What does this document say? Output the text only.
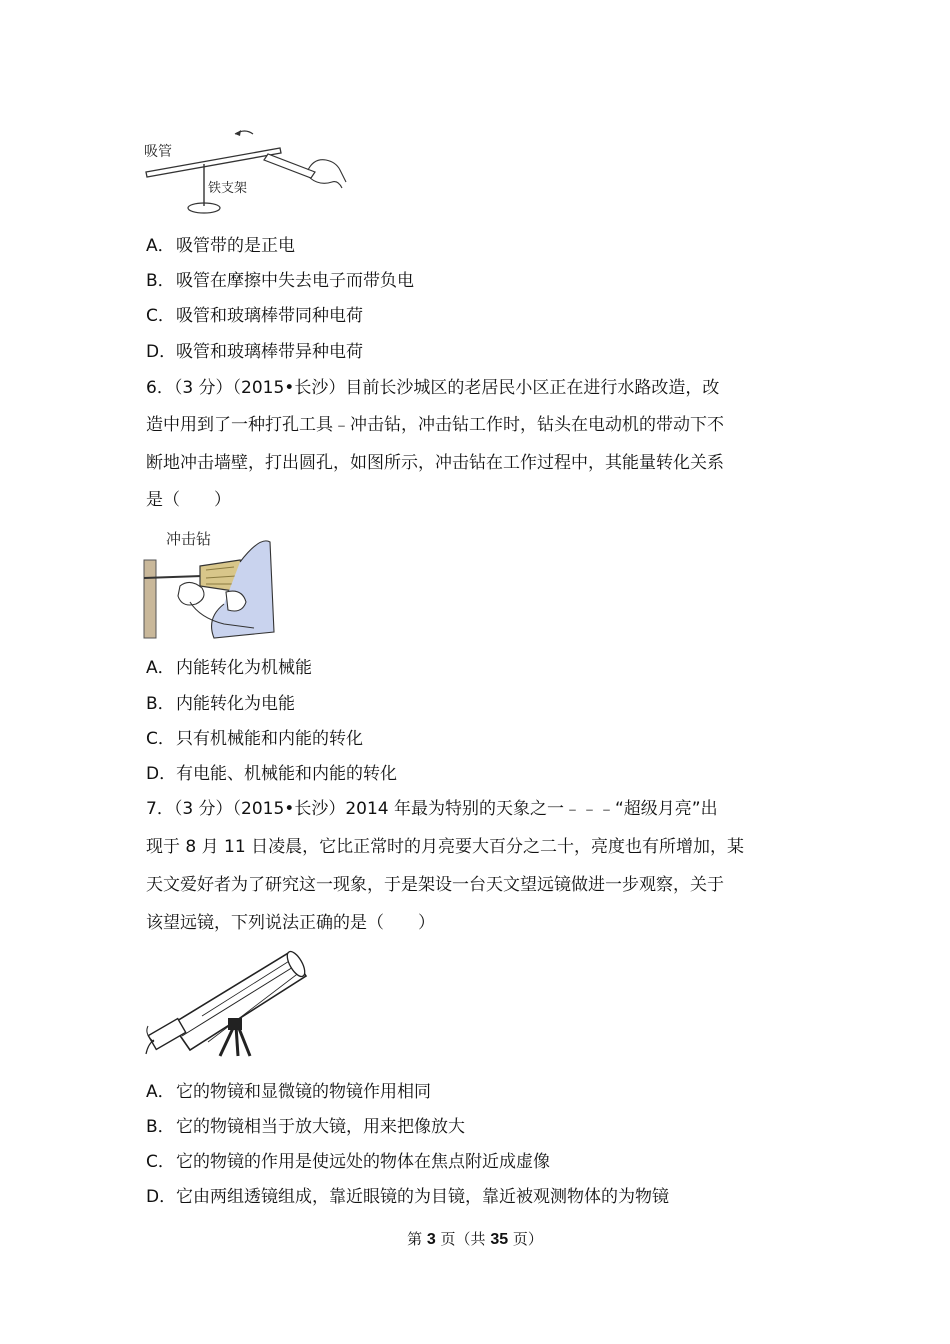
吸管
铁支架
A．吸管带的是正电
B．吸管在摩擦中失去电子而带负电
C．吸管和玻璃棒带同种电荷
D．吸管和玻璃棒带异种电荷
6．（3 分）（2015•长沙）目前长沙城区的老居民小区正在进行水路改造，改
造中用到了一种打孔工具﹣冲击钻，冲击钻工作时，钻头在电动机的带动下不
断地冲击墙壁，打出圆孔，如图所示，冲击钻在工作过程中，其能量转化关系
是（　　）
冲击钻
A．内能转化为机械能
B．内能转化为电能
C．只有机械能和内能的转化
D．有电能、机械能和内能的转化
7．（3 分）（2015•长沙）2014 年最为特别的天象之一﹣﹣﹣“超级月亮”出
现于 8 月 11 日凌晨，它比正常时的月亮要大百分之二十，亮度也有所增加，某
天文爱好者为了研究这一现象，于是架设一台天文望远镜做进一步观察，关于
该望远镜，下列说法正确的是（　　）
A．它的物镜和显微镜的物镜作用相同
B．它的物镜相当于放大镜，用来把像放大
C．它的物镜的作用是使远处的物体在焦点附近成虚像
D．它由两组透镜组成，靠近眼镜的为目镜，靠近被观测物体的为物镜
第 3 页（共 35 页）
